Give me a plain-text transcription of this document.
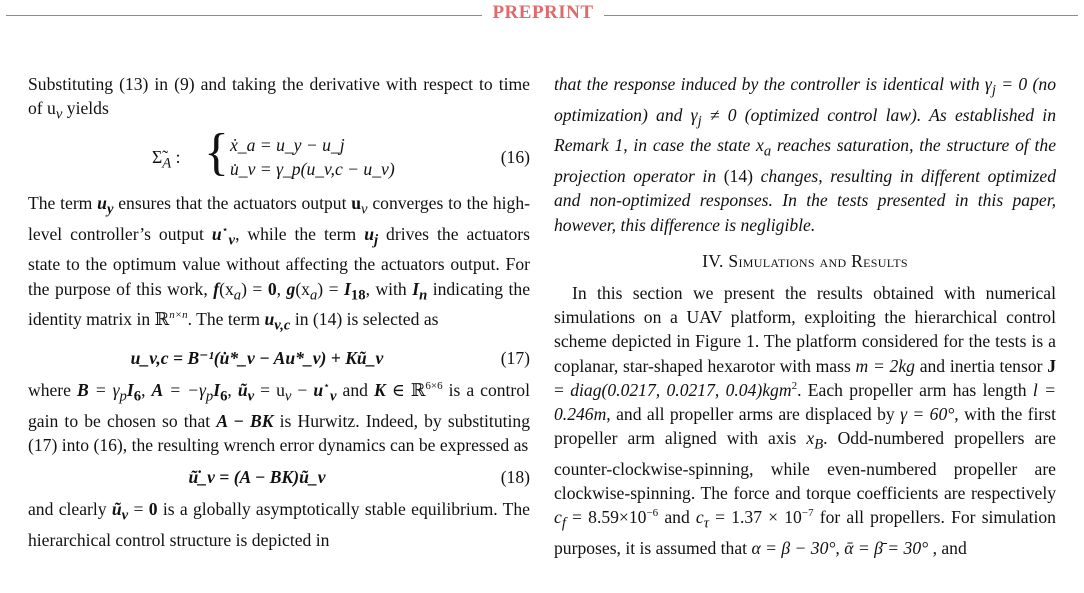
PREPRINT

Substituting (13) in (9) and taking the derivative with respect to time of $u_v$ yields

$\Sigmã_A$ : { ẋ_a = u_y − u_j
u̇_v = γ_p(u_v,c − u_v)
(16)

The term $u_y$ ensures that the actuators output $u_v$ converges to the high-level controller’s output $u^⋆_v$, while the term $u_j$ drives the actuators state to the optimum value without affecting the actuators output. For the purpose of this work, $f(x_a) = 0$, $g(x_a) = I_{18}$, with $I_n$ indicating the identity matrix in ℝ$^{n\times n}$. The term $u_{v,c}$ in (14) is selected as

u_v,c = B⁻¹(u̇*_v − Au*_v) + Kũ_v	(17)

where $B = \gamma_pI_6$, $A = -\gamma_pI_6$, $ũ_v = u_v - u^⋆_v$ and K ∈ ℝ$^{6\times 6}$ is a control gain to be chosen so that A − BK is Hurwitz. Indeed, by substituting (17) into (16), the resulting wrench error dynamics can be expressed as

ũ̇_v = (A − BK)ũ_v	(18)

and clearly $ũ_v = 0$ is a globally asymptotically stable equilibrium. The hierarchical control structure is depicted in

that the response induced by the controller is identical with $\gamma_j = 0$ (no optimization) and $\gamma_j \ne 0$ (optimized control law). As established in Remark 1, in case the state $x_a$ reaches saturation, the structure of the projection operator in (14) changes, resulting in different optimized and non-optimized responses. In the tests presented in this paper, however, this difference is negligible.

IV. Simulations and Results

In this section we present the results obtained with numerical simulations on a UAV platform, exploiting the hierarchical control scheme depicted in Figure 1. The platform considered for the tests is a coplanar, star-shaped hexarotor with mass m = 2kg and inertia tensor J = diag(0.0217, 0.0217, 0.04)kgm$^2$. Each propeller arm has length l = 0.246m, and all propeller arms are displaced by γ = 60°, with the first propeller arm aligned with axis $x_B$. Odd-numbered propellers are counter-clockwise-spinning, while even-numbered propeller are clockwise-spinning. The force and torque coefficients are respectively $c_f = 8.59\times 10^{-6}$ and $c_\tau = 1.37 \times 10^{-7}$ for all propellers. For simulation purposes, it is assumed that α = β − 30°, ᾱ = β̄ = 30° , and
